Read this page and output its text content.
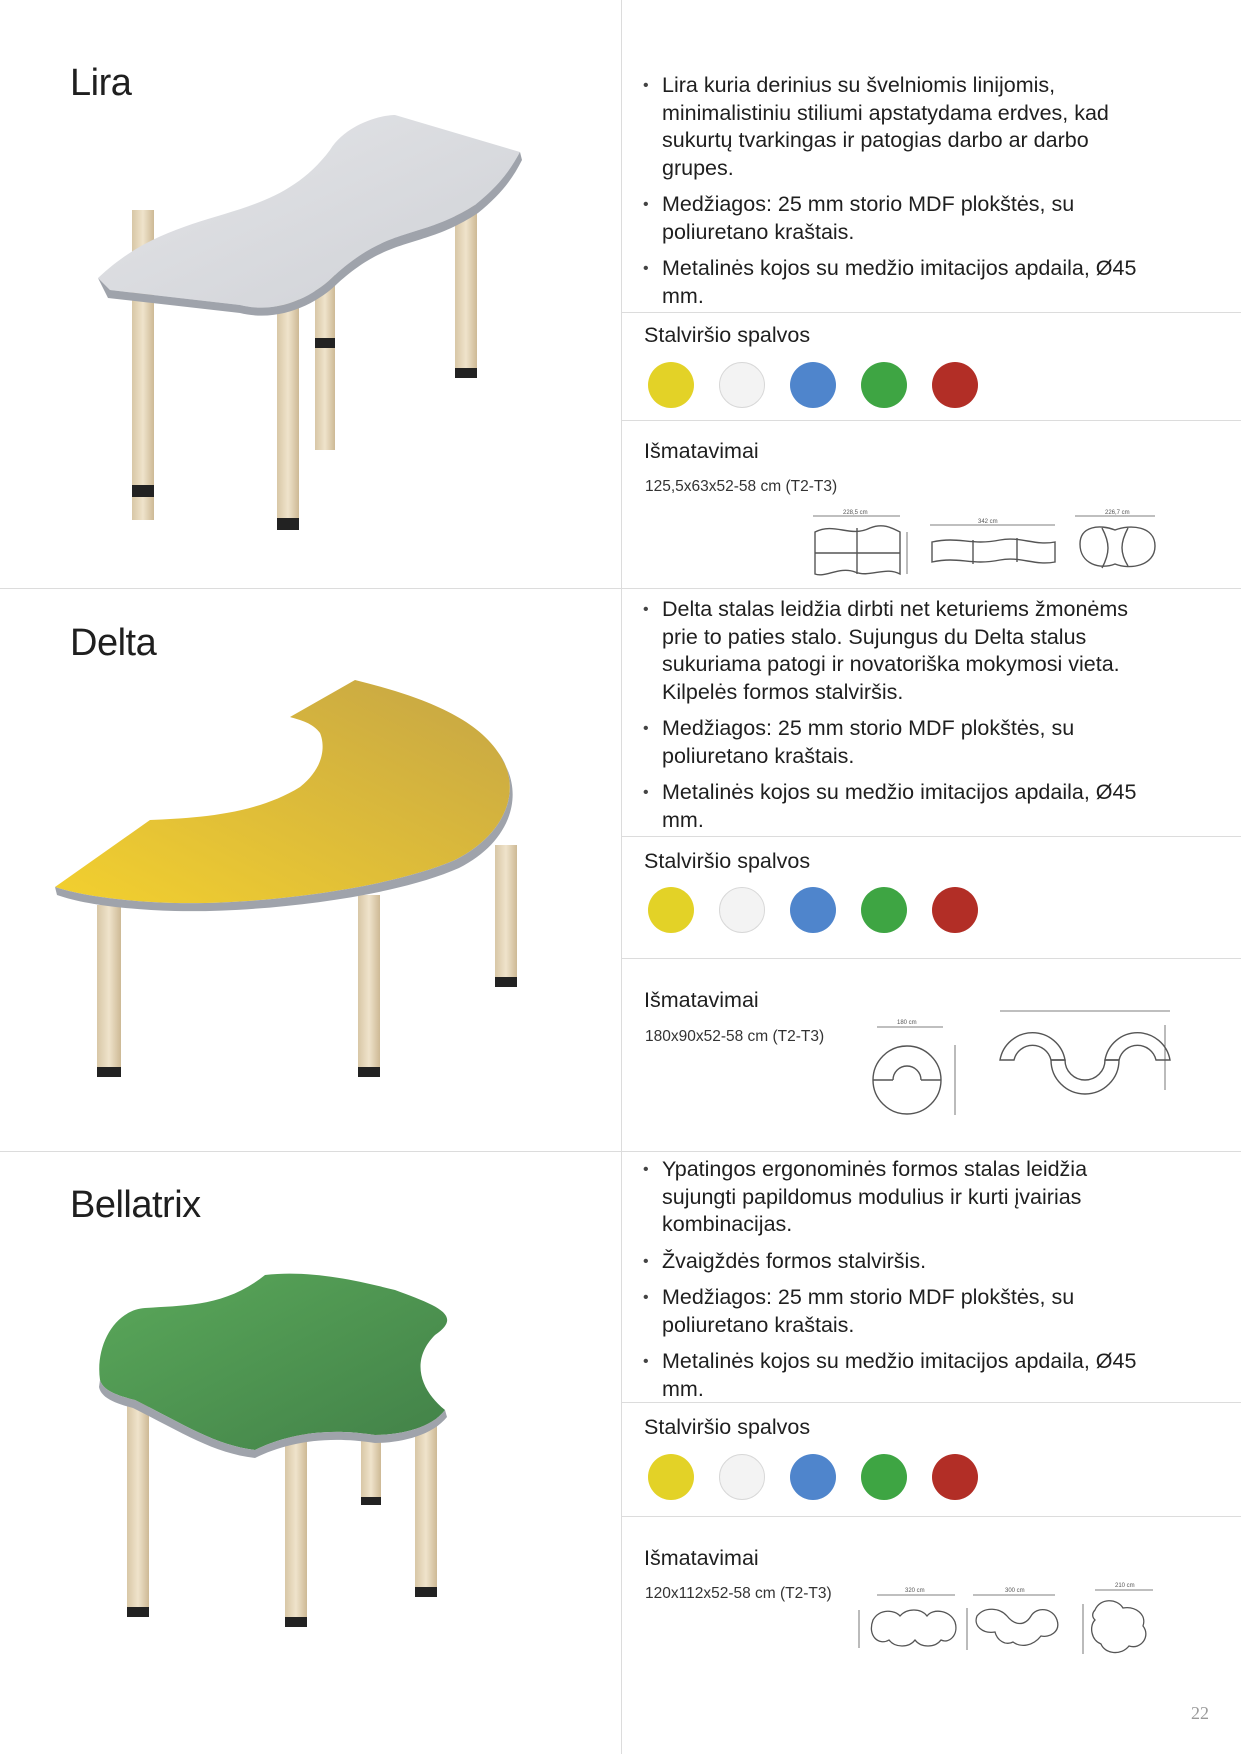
Lira
•	Lira kuria derinius su švelniomis linijomis, minimalistiniu stiliumi apstatydama erdves, kad sukurtų tvarkingas ir patogias darbo ar darbo grupes.
• Medžiagos: 25 mm storio MDF plokštės, su poliuretano kraštais.
• Metalinės kojos su medžio imitacijos apdaila, Ø45 mm.
Stalviršio spalvos
Išmatavimai
125,5x63x52-58 cm (T2-T3)
228,5 cm
342 cm
226,7 cm
Delta
• Delta stalas leidžia dirbti net keturiems žmonėms prie to paties stalo. Sujungus du Delta stalus sukuriama patogi ir novatoriška mokymosi vieta. Kilpelės formos stalviršis.
• Medžiagos: 25 mm storio MDF plokštės, su poliuretano kraštais.
• Metalinės kojos su medžio imitacijos apdaila, Ø45 mm.
Stalviršio spalvos
Išmatavimai
180x90x52-58 cm (T2-T3)
180 cm
Bellatrix
• Ypatingos ergonominės formos stalas leidžia sujungti papildomus modulius ir kurti įvairias kombinacijas.
• Žvaigždės formos stalviršis.
• Medžiagos: 25 mm storio MDF plokštės, su poliuretano kraštais.
• Metalinės kojos su medžio imitacijos apdaila, Ø45 mm.
Stalviršio spalvos
Išmatavimai
120x112x52-58 cm (T2-T3)	320 cm	300 cm
210 cm
22
